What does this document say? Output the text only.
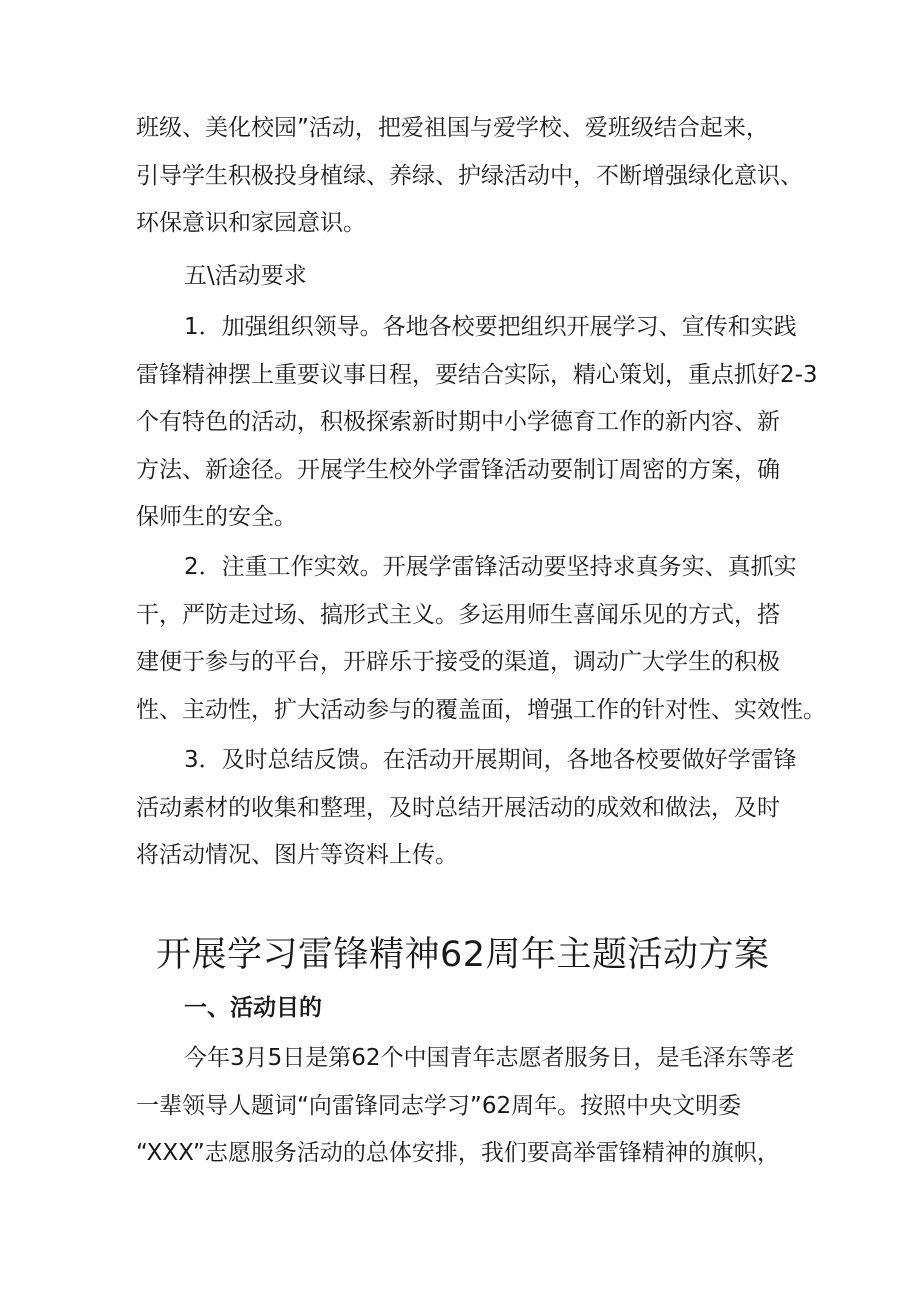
班级、美化校园”活动，把爱祖国与爱学校、爱班级结合起来，
引导学生积极投身植绿、养绿、护绿活动中，不断增强绿化意识、
环保意识和家园意识。

五\活动要求

1．加强组织领导。各地各校要把组织开展学习、宣传和实践
雷锋精神摆上重要议事日程，要结合实际，精心策划，重点抓好2-3
个有特色的活动，积极探索新时期中小学德育工作的新内容、新
方法、新途径。开展学生校外学雷锋活动要制订周密的方案，确
保师生的安全。

2．注重工作实效。开展学雷锋活动要坚持求真务实、真抓实
干，严防走过场、搞形式主义。多运用师生喜闻乐见的方式，搭
建便于参与的平台，开辟乐于接受的渠道，调动广大学生的积极
性、主动性，扩大活动参与的覆盖面，增强工作的针对性、实效性。

3．及时总结反馈。在活动开展期间，各地各校要做好学雷锋
活动素材的收集和整理，及时总结开展活动的成效和做法，及时
将活动情况、图片等资料上传。

开展学习雷锋精神62周年主题活动方案
一、活动目的

今年3月5日是第62个中国青年志愿者服务日，是毛泽东等老
一辈领导人题词“向雷锋同志学习”62周年。按照中央文明委
“XXX”志愿服务活动的总体安排，我们要高举雷锋精神的旗帜，
